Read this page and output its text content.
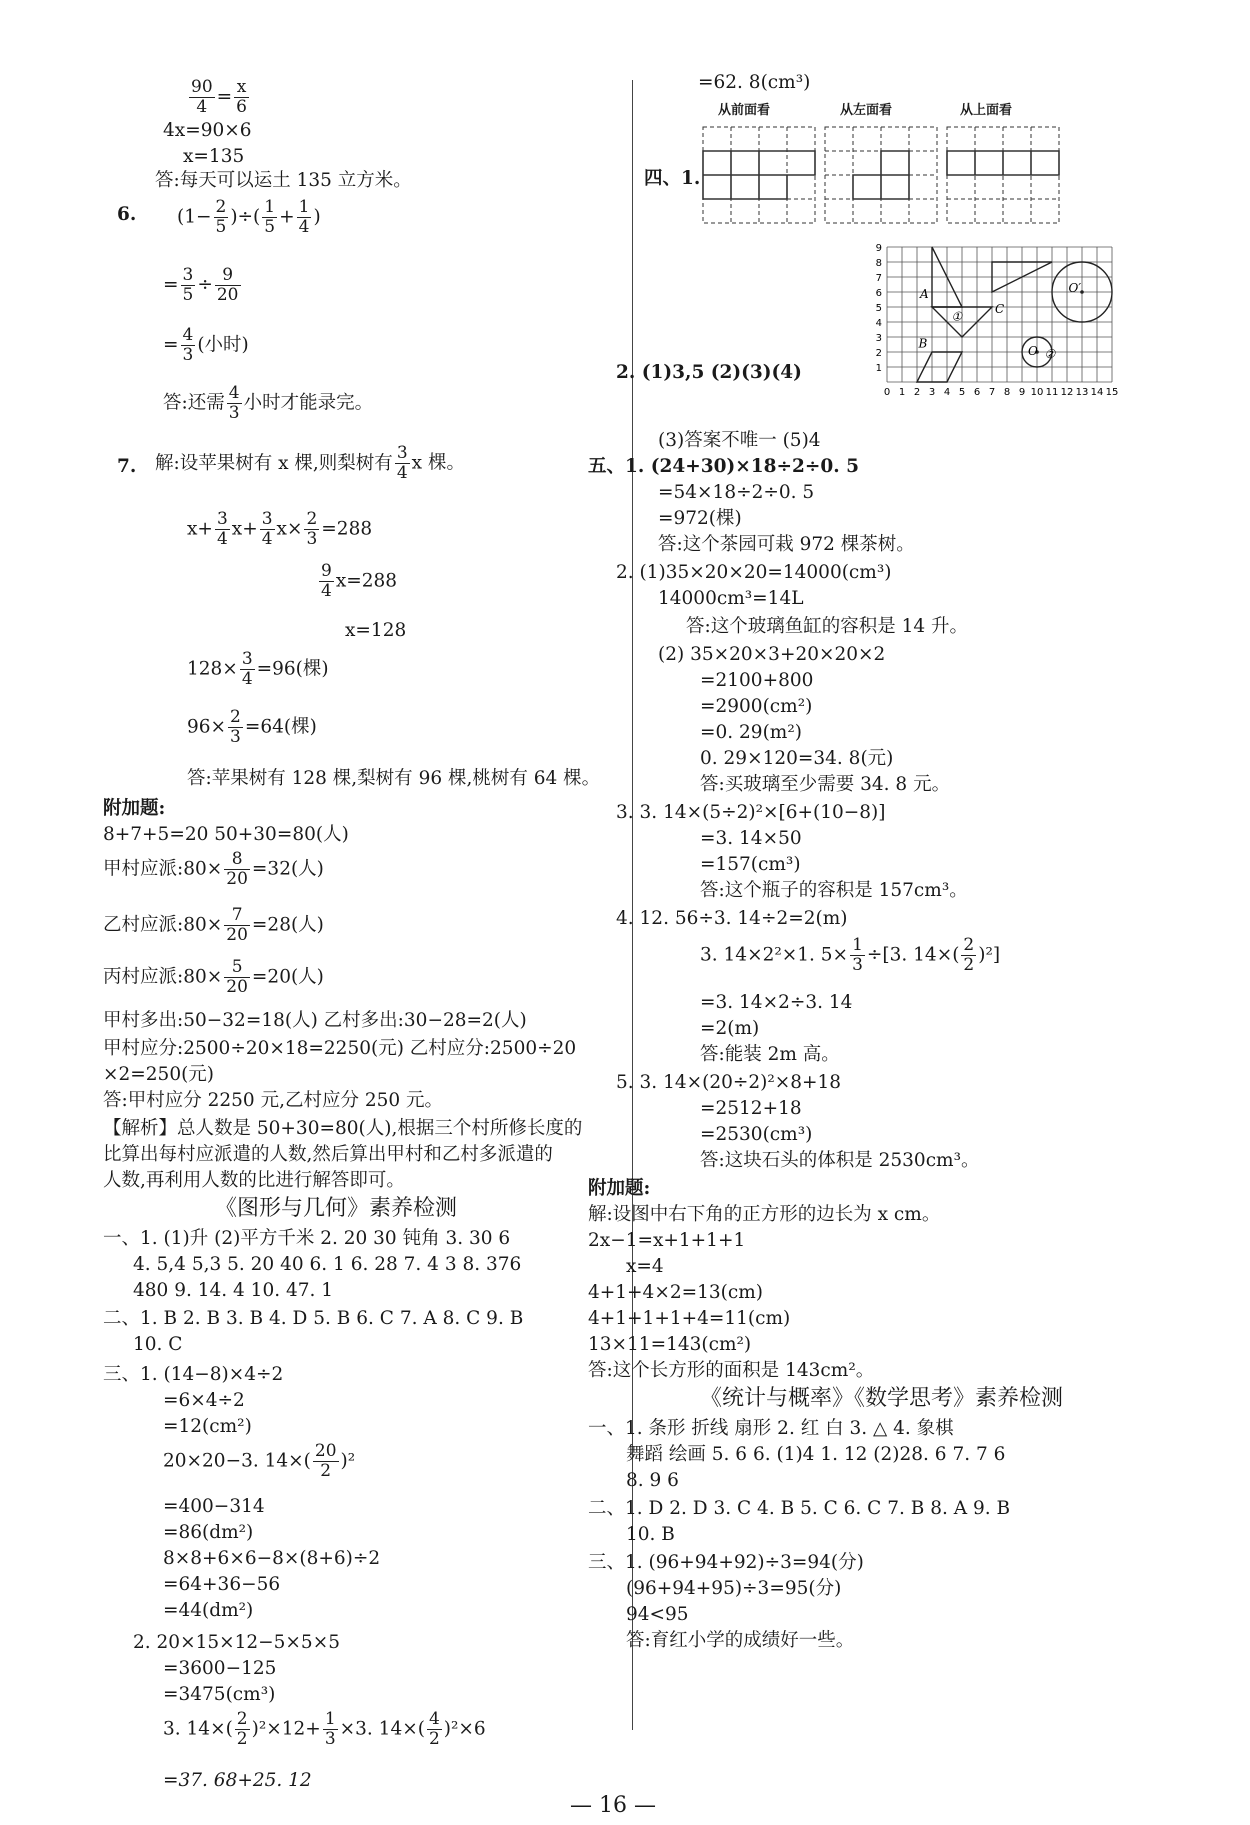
$\frac{90}{4} = \frac{x}{6}$
4x=90×6
x=135
答:每天可以运土 135 立方米。
6. ($1- \frac{2}{5}$ )÷( $\frac{1}{5} + \frac{1}{4}$ )
= $\frac{3}{5} \div \frac{9}{20}$
= $\frac{4}{3}$ (小时)
答:还需 $\frac{4}{3}$ 小时才能录完。
7.	解:设苹果树有 x 棵,则梨树有 $\frac{3}{4}$ x 棵。
$x+ \frac{3}{4} x+ \frac{3}{4} x\times \frac{2}{3} =288$
$\frac{9}{4} x=288$
x=128
$128\times \frac{3}{4} =96$(棵)
$96\times \frac{2}{3} =64$(棵)
答:苹果树有 128 棵,梨树有 96 棵,桃树有 64 棵。
附加题:
8+7+5=20 50+30=80(人)
甲村应派:80× $\frac{8}{20} =32$(人)
乙村应派:80× $\frac{7}{20} =28$(人)
丙村应派:80× $\frac{5}{20} =20$(人)
甲村多出:50−32=18(人) 乙村多出:30−28=2(人)
甲村应分:2500÷20×18=2250(元) 乙村应分:2500÷20
×2=250(元)
答:甲村应分 2250 元,乙村应分 250 元。
【解析】总人数是 50+30=80(人),根据三个村所修长度的
比算出每村应派遣的人数,然后算出甲村和乙村多派遣的
人数,再利用人数的比进行解答即可。
《图形与几何》素养检测
一、1. (1)升 (2)平方千米 2. 20 30 钝角 3. 30 6
4. 5,4 5,3 5. 20 40 6. 1 6. 28 7. 4 3 8. 376
480 9. 14. 4 10. 47. 1
二、1. B 2. B 3. B 4. D 5. B 6. C 7. A 8. C 9. B
10. C
三、1. (14−8)×4÷2
=6×4÷2
=12(cm²)
20×20−3. $14\times( \frac{20}{2} )^2$
=400−314
=86(dm²)
8×8+6×6−8×(8+6)÷2
=64+36−56
=44(dm²)
2. 20×15×12−5×5×5
=3600−125
=3475(cm³)
3. $14\times( \frac{2}{2} )^2\times 12+ \frac{1}{3} \times 3$. $14\times( \frac{4}{2} )^2\times 6$
=37. 68+25. 12
=62. 8(cm³)
从前面看	从左面看	从上面看
四、1.
0 1 2 3 4 5 6 7 8 9 10 11 12 13 14 15
1
2
3
4
5
6
7
8
9
A
B
C
O′
O
①
②
2. (1)3,5 (2)(3)(4)
(3)答案不唯一 (5)4
五、1. (24+30)×18÷2÷0. 5
=54×18÷2÷0. 5
=972(棵)
答:这个茶园可栽 972 棵茶树。
2. (1)35×20×20=14000(cm³)
14000cm³=14L
答:这个玻璃鱼缸的容积是 14 升。
(2) 35×20×3+20×20×2
=2100+800
=2900(cm²)
=0. 29(m²)
0. 29×120=34. 8(元)
答:买玻璃至少需要 34. 8 元。
3. 3. 14×(5÷2)²×[6+(10−8)]
=3. 14×50
=157(cm³)
答:这个瓶子的容积是 157cm³。
4. 12. 56÷3. 14÷2=2(m)
3. 14×2²×1. $5\times \frac{1}{3} \div[3$. $14\times( \frac{2}{2} )^2$]
=3. 14×2÷3. 14
=2(m)
答:能装 2m 高。
5. 3. 14×(20÷2)²×8+18
=2512+18
=2530(cm³)
答:这块石头的体积是 2530cm³。
附加题:
解:设图中右下角的正方形的边长为 x cm。
2x−1=x+1+1+1
x=4
4+1+4×2=13(cm)
4+1+1+1+4=11(cm)
13×11=143(cm²)
答:这个长方形的面积是 143cm²。
《统计与概率》《数学思考》素养检测
一、1. 条形 折线 扇形 2. 红 白 3. △ 4. 象棋
舞蹈 绘画 5. 6 6. (1)4 1. 12 (2)28. 6 7. 7 6
8. 9 6
二、1. D 2. D 3. C 4. B 5. C 6. C 7. B 8. A 9. B
10. B
三、1. (96+94+92)÷3=94(分)
(96+94+95)÷3=95(分)
94<95
答:育红小学的成绩好一些。
— 16 —
